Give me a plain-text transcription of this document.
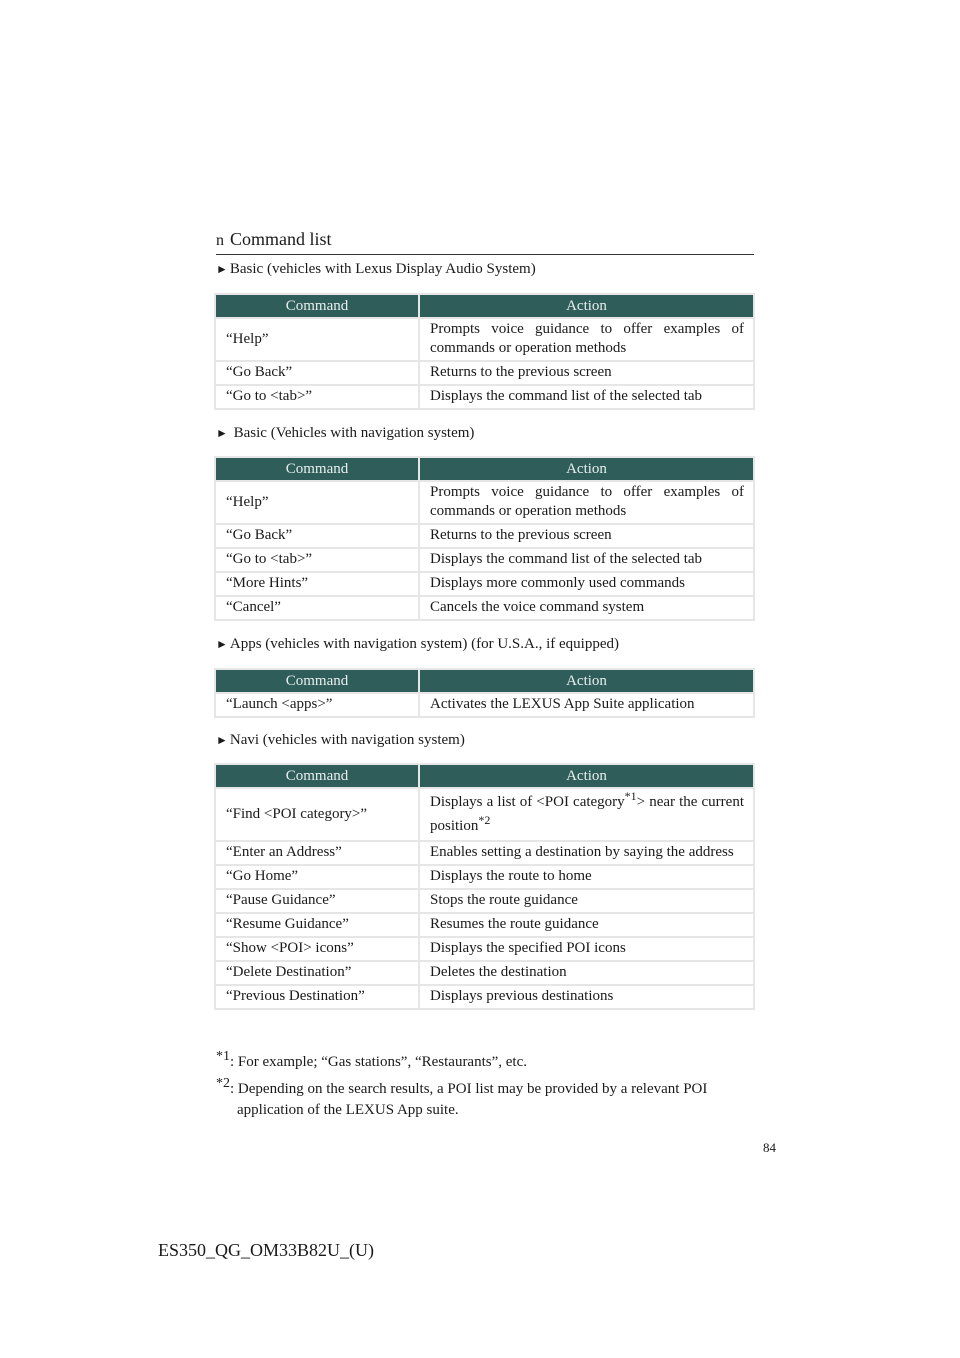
n Command list
► Basic (vehicles with Lexus Display Audio System)
Command	Action
“Help”	Prompts voice guidance to offer examples of commands or operation methods
“Go Back”	Returns to the previous screen
“Go to <tab>”	Displays the command list of the selected tab
► Basic (Vehicles with navigation system)
Command	Action
“Help”	Prompts voice guidance to offer examples of commands or operation methods
“Go Back”	Returns to the previous screen
“Go to <tab>”	Displays the command list of the selected tab
“More Hints”	Displays more commonly used commands
“Cancel”	Cancels the voice command system
► Apps (vehicles with navigation system) (for U.S.A., if equipped)
Command	Action
“Launch <apps>”	Activates the LEXUS App Suite application
► Navi (vehicles with navigation system)
Command	Action
“Find <POI category>”	Displays a list of <POI category$^{*1}$> near the current position$^{*2}$
“Enter an Address”	Enables setting a destination by saying the address
“Go Home”	Displays the route to home
“Pause Guidance”	Stops the route guidance
“Resume Guidance”	Resumes the route guidance
“Show <POI> icons”	Displays the specified POI icons
“Delete Destination”	Deletes the destination
“Previous Destination”	Displays previous destinations
$^{*1}$: For example; “Gas stations”, “Restaurants”, etc.
$^{*2}$: Depending on the search results, a POI list may be provided by a relevant POI
application of the LEXUS App suite.
84
ES350_QG_OM33B82U_(U)
